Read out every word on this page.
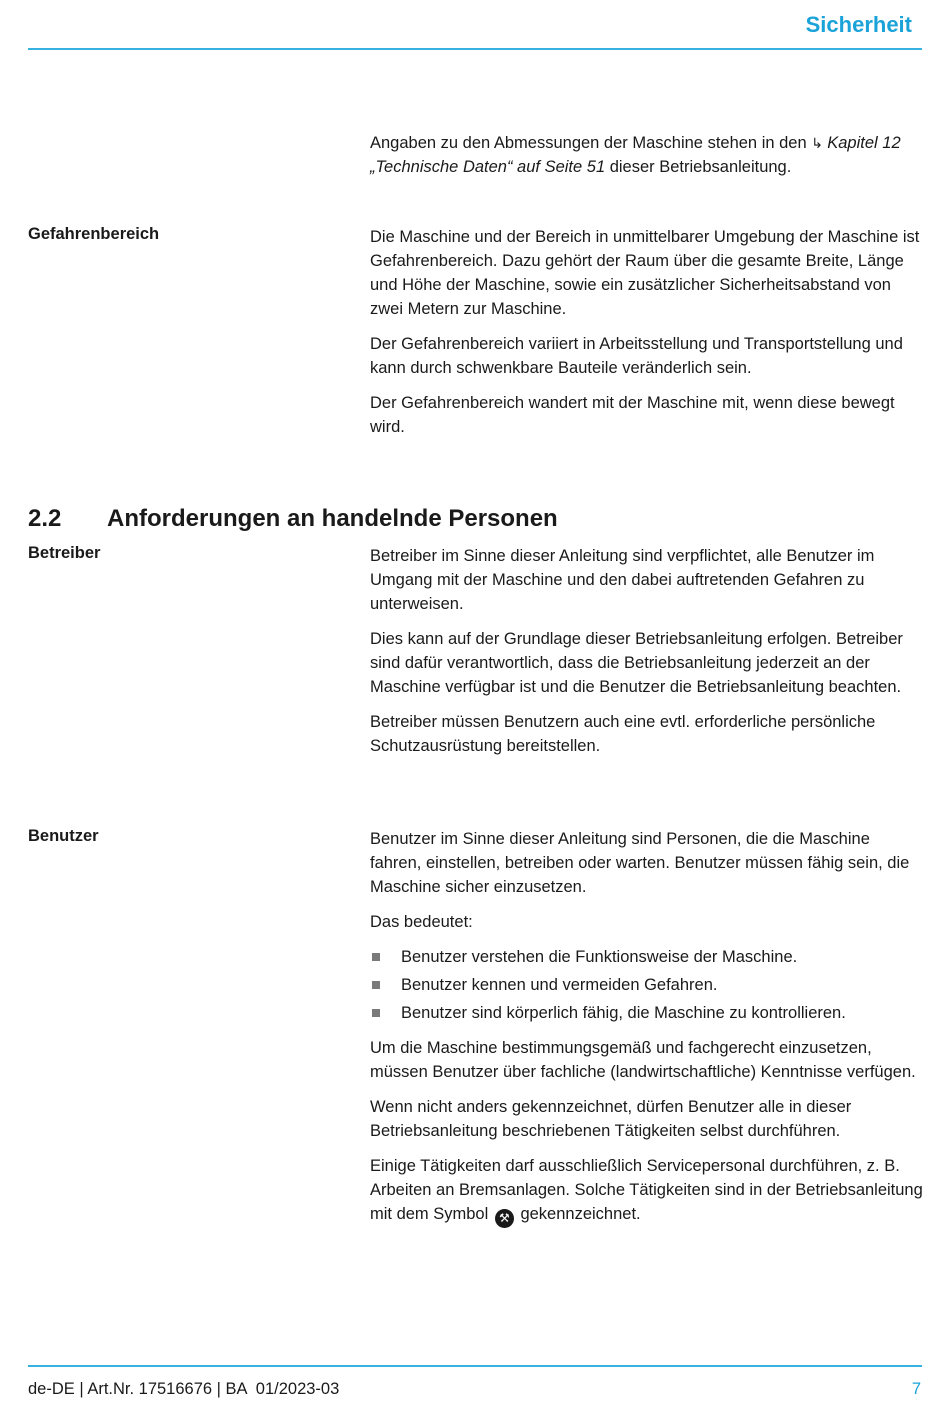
Sicherheit

Angaben zu den Abmessungen der Maschine stehen in den ↳ Kapitel 12 „Technische Daten“ auf Seite 51 dieser Betriebsanleitung.

Gefahrenbereich	Die Maschine und der Bereich in unmittelbarer Umgebung der Maschine ist Gefahrenbereich. Dazu gehört der Raum über die gesamte Breite, Länge und Höhe der Maschine, sowie ein zusätzlicher Sicherheitsabstand von zwei Metern zur Maschine.

Der Gefahrenbereich variiert in Arbeitsstellung und Transportstellung und kann durch schwenkbare Bauteile veränderlich sein.

Der Gefahrenbereich wandert mit der Maschine mit, wenn diese bewegt wird.

2.2 Anforderungen an handelnde Personen
Betreiber	Betreiber im Sinne dieser Anleitung sind verpflichtet, alle Benutzer im Umgang mit der Maschine und den dabei auftretenden Gefahren zu unterweisen.

Dies kann auf der Grundlage dieser Betriebsanleitung erfolgen. Betreiber sind dafür verantwortlich, dass die Betriebsanleitung jederzeit an der Maschine verfügbar ist und die Benutzer die Betriebsanleitung beachten.

Betreiber müssen Benutzern auch eine evtl. erforderliche persönliche Schutzausrüstung bereitstellen.

Benutzer	Benutzer im Sinne dieser Anleitung sind Personen, die die Maschine fahren, einstellen, betreiben oder warten. Benutzer müssen fähig sein, die Maschine sicher einzusetzen.

Das bedeutet:

Benutzer verstehen die Funktionsweise der Maschine.
Benutzer kennen und vermeiden Gefahren.
Benutzer sind körperlich fähig, die Maschine zu kontrollieren.

Um die Maschine bestimmungsgemäß und fachgerecht einzusetzen, müssen Benutzer über fachliche (landwirtschaftliche) Kenntnisse verfügen.

Wenn nicht anders gekennzeichnet, dürfen Benutzer alle in dieser Betriebsanleitung beschriebenen Tätigkeiten selbst durchführen.

Einige Tätigkeiten darf ausschließlich Servicepersonal durchführen, z. B. Arbeiten an Bremsanlagen. Solche Tätigkeiten sind in der Betriebsanleitung mit dem Symbol ⚒ gekennzeichnet.

de-DE | Art.Nr. 17516676 | BA  01/2023-03	7
